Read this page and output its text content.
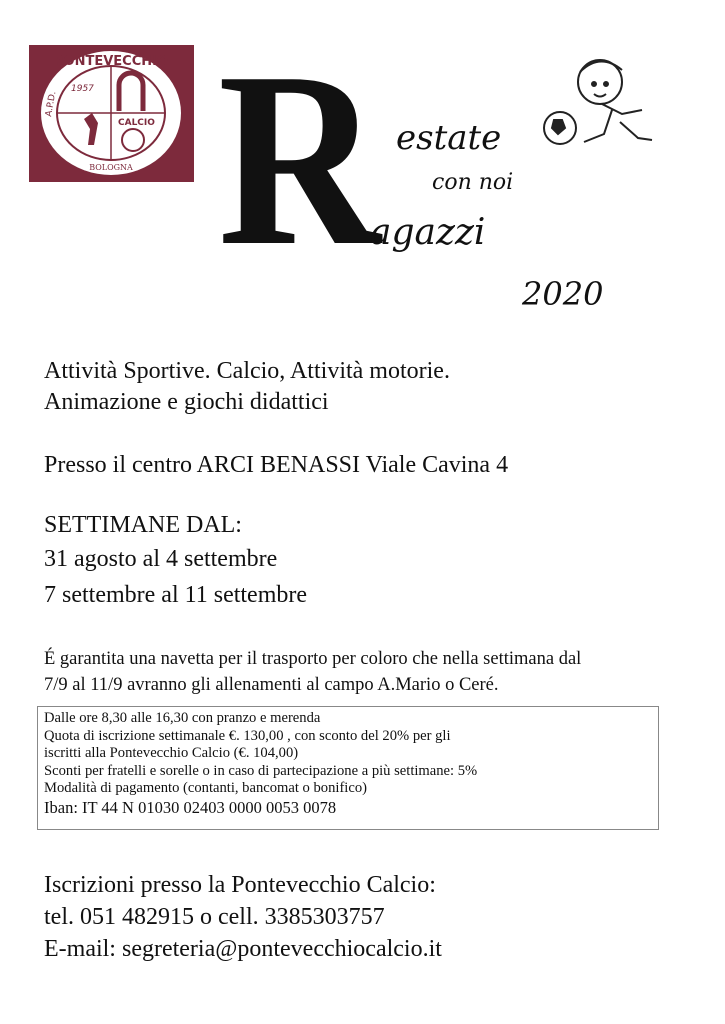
PONTEVECCHIO
1957
CALCIO
BOLOGNA
A.P.D. R estate
con noi
agazzi
2020
Attività Sportive. Calcio, Attività motorie.
Animazione e giochi didattici
Presso il centro ARCI BENASSI Viale Cavina 4
SETTIMANE DAL:
31 agosto al 4 settembre
7 settembre al 11 settembre
É garantita una navetta per il trasporto per coloro che nella settimana dal
7/9 al 11/9 avranno gli allenamenti al campo A.Mario o Ceré.
Dalle ore 8,30 alle 16,30 con pranzo e merenda
Quota di iscrizione settimanale €. 130,00 , con sconto del 20% per gli
iscritti alla Pontevecchio Calcio (€. 104,00)
Sconti per fratelli e sorelle o in caso di partecipazione a più settimane: 5%
Modalità di pagamento (contanti, bancomat o bonifico)
Iban: IT 44 N 01030 02403 0000 0053 0078
Iscrizioni presso la Pontevecchio Calcio:
tel. 051 482915 o cell. 3385303757
E-mail: segreteria@pontevecchiocalcio.it
